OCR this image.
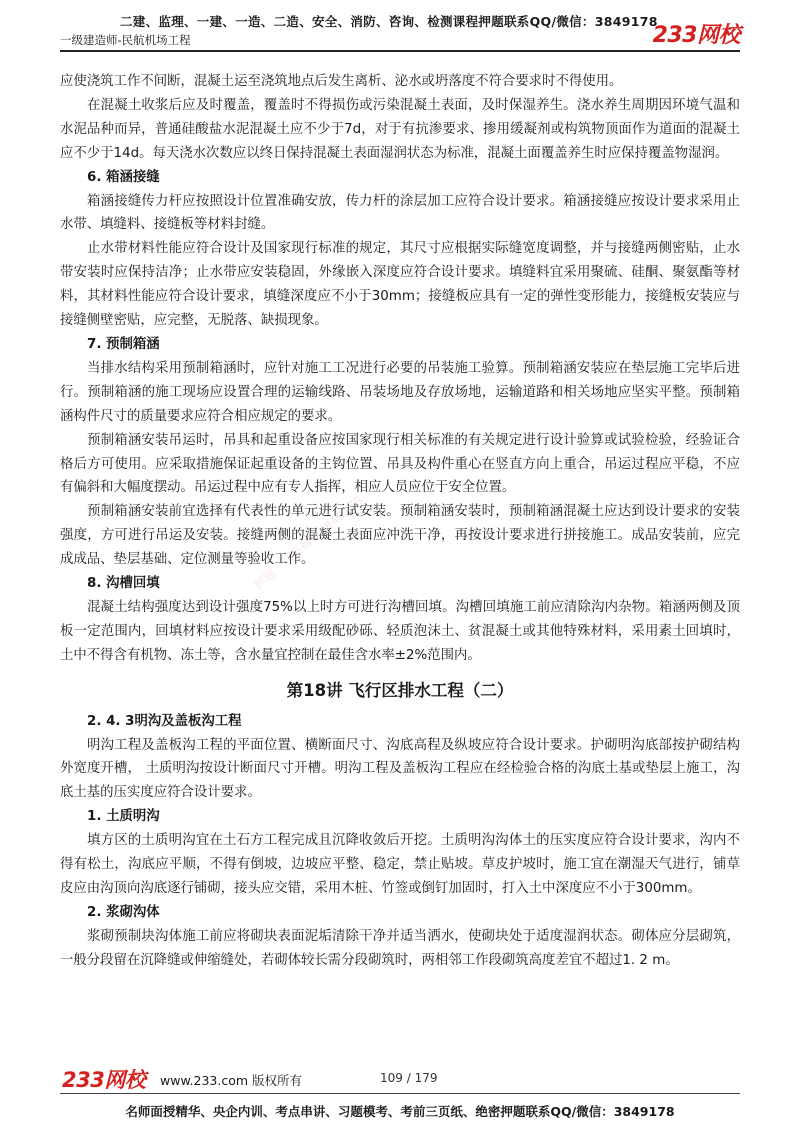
二建、监理、一建、一造、二造、安全、消防、咨询、检测课程押题联系QQ/微信：3849178
一级建造师-民航机场工程	233网校
押题一联系微信3849178

应使浇筑工作不间断，混凝土运至浇筑地点后发生离析、泌水或坍落度不符合要求时不得使用。

在混凝土收浆后应及时覆盖，覆盖时不得损伤或污染混凝土表面，及时保湿养生。浇水养生周期因环境气温和水泥品种而异，普通硅酸盐水泥混凝土应不少于7d，对于有抗渗要求、掺用缓凝剂或构筑物顶面作为道面的混凝土应不少于14d。每天浇水次数应以终日保持混凝土表面湿润状态为标准，混凝土面覆盖养生时应保持覆盖物湿润。

6. 箱涵接缝

箱涵接缝传力杆应按照设计位置准确安放，传力杆的涂层加工应符合设计要求。箱涵接缝应按设计要求采用止水带、填缝料、接缝板等材料封缝。

止水带材料性能应符合设计及国家现行标准的规定，其尺寸应根据实际缝宽度调整，并与接缝两侧密贴，止水带安装时应保持洁净；止水带应安装稳固，外缘嵌入深度应符合设计要求。填缝料宜采用聚硫、硅酮、聚氨酯等材料，其材料性能应符合设计要求，填缝深度应不小于30mm；接缝板应具有一定的弹性变形能力，接缝板安装应与接缝侧壁密贴，应完整，无脱落、缺损现象。

7. 预制箱涵

当排水结构采用预制箱涵时，应针对施工工况进行必要的吊装施工验算。预制箱涵安装应在垫层施工完毕后进行。预制箱涵的施工现场应设置合理的运输线路、吊装场地及存放场地，运输道路和相关场地应坚实平整。预制箱涵构件尺寸的质量要求应符合相应规定的要求。

预制箱涵安装吊运时，吊具和起重设备应按国家现行相关标准的有关规定进行设计验算或试验检验，经验证合格后方可使用。应采取措施保证起重设备的主钩位置、吊具及构件重心在竖直方向上重合，吊运过程应平稳，不应有偏斜和大幅度摆动。吊运过程中应有专人指挥，相应人员应位于安全位置。

预制箱涵安装前宜选择有代表性的单元进行试安装。预制箱涵安装时，预制箱涵混凝土应达到设计要求的安装强度，方可进行吊运及安装。接缝两侧的混凝土表面应冲洗干净，再按设计要求进行拼接施工。成品安装前，应完成成品、垫层基础、定位测量等验收工作。

8. 沟槽回填

混凝土结构强度达到设计强度75%以上时方可进行沟槽回填。沟槽回填施工前应清除沟内杂物。箱涵两侧及顶板一定范围内，回填材料应按设计要求采用级配砂砾、轻质泡沫土、贫混凝土或其他特殊材料，采用素土回填时，土中不得含有机物、冻土等，含水量宜控制在最佳含水率±2%范围内。

第18讲 飞行区排水工程（二）
2. 4. 3明沟及盖板沟工程

明沟工程及盖板沟工程的平面位置、横断面尺寸、沟底高程及纵坡应符合设计要求。护砌明沟底部按护砌结构外宽度开槽， 土质明沟按设计断面尺寸开槽。明沟工程及盖板沟工程应在经检验合格的沟底土基或垫层上施工，沟底土基的压实度应符合设计要求。

1. 土质明沟

填方区的土质明沟宜在土石方工程完成且沉降收敛后开挖。土质明沟沟体土的压实度应符合设计要求，沟内不得有松土，沟底应平顺，不得有倒坡，边坡应平整、稳定，禁止贴坡。草皮护坡时，施工宜在潮湿天气进行，铺草皮应由沟顶向沟底逐行铺砌，接头应交错，采用木桩、竹签或倒钉加固时，打入土中深度应不小于300mm。

2. 浆砌沟体

浆砌预制块沟体施工前应将砌块表面泥垢清除干净并适当洒水，使砌块处于适度湿润状态。砌体应分层砌筑，一般分段留在沉降缝或伸缩缝处，若砌体较长需分段砌筑时，两相邻工作段砌筑高度差宜不超过1. 2 m。

233网校 www.233.com 版权所有	109 / 179
名师面授精华、央企内训、考点串讲、习题模考、考前三页纸、绝密押题联系QQ/微信：3849178
